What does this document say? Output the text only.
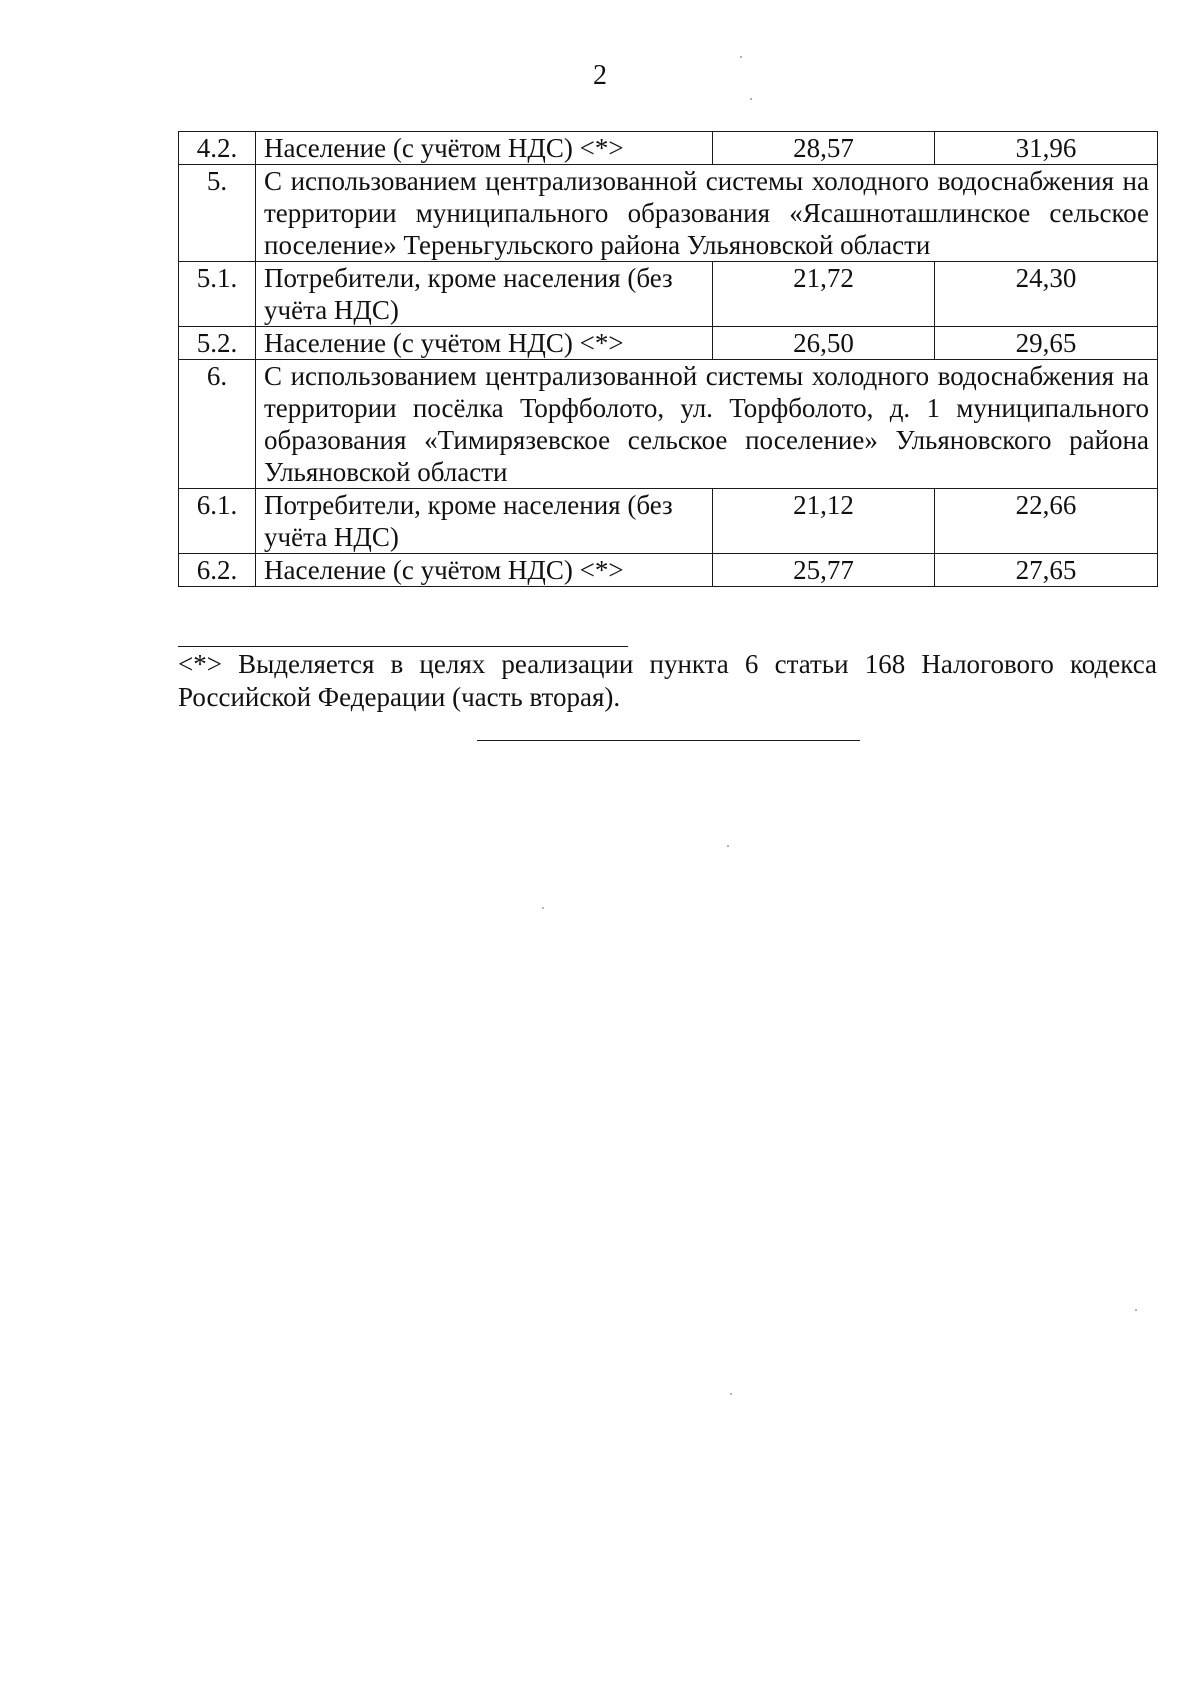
2
4.2.	Население (с учётом НДС) <*>	28,57	31,96
5.	С использованием централизованной системы холодного водоснабжения на территории муниципального образования «Ясашноташлинское сельское поселение» Тереньгульского района Ульяновской области		
5.1.	Потребители, кроме населения (без учёта НДС)	21,72	24,30
5.2.	Население (с учётом НДС) <*>	26,50	29,65
6.	С использованием централизованной системы холодного водоснабжения на территории посёлка Торфболото, ул. Торфболото, д. 1 муниципального образования «Тимирязевское сельское поселение» Ульяновского района Ульяновской области		
6.1.	Потребители, кроме населения (без учёта НДС)	21,12	22,66
6.2.	Население (с учётом НДС) <*>	25,77	27,65
<*> Выделяется в целях реализации пункта 6 статьи 168 Налогового кодекса Российской Федерации (часть вторая).
